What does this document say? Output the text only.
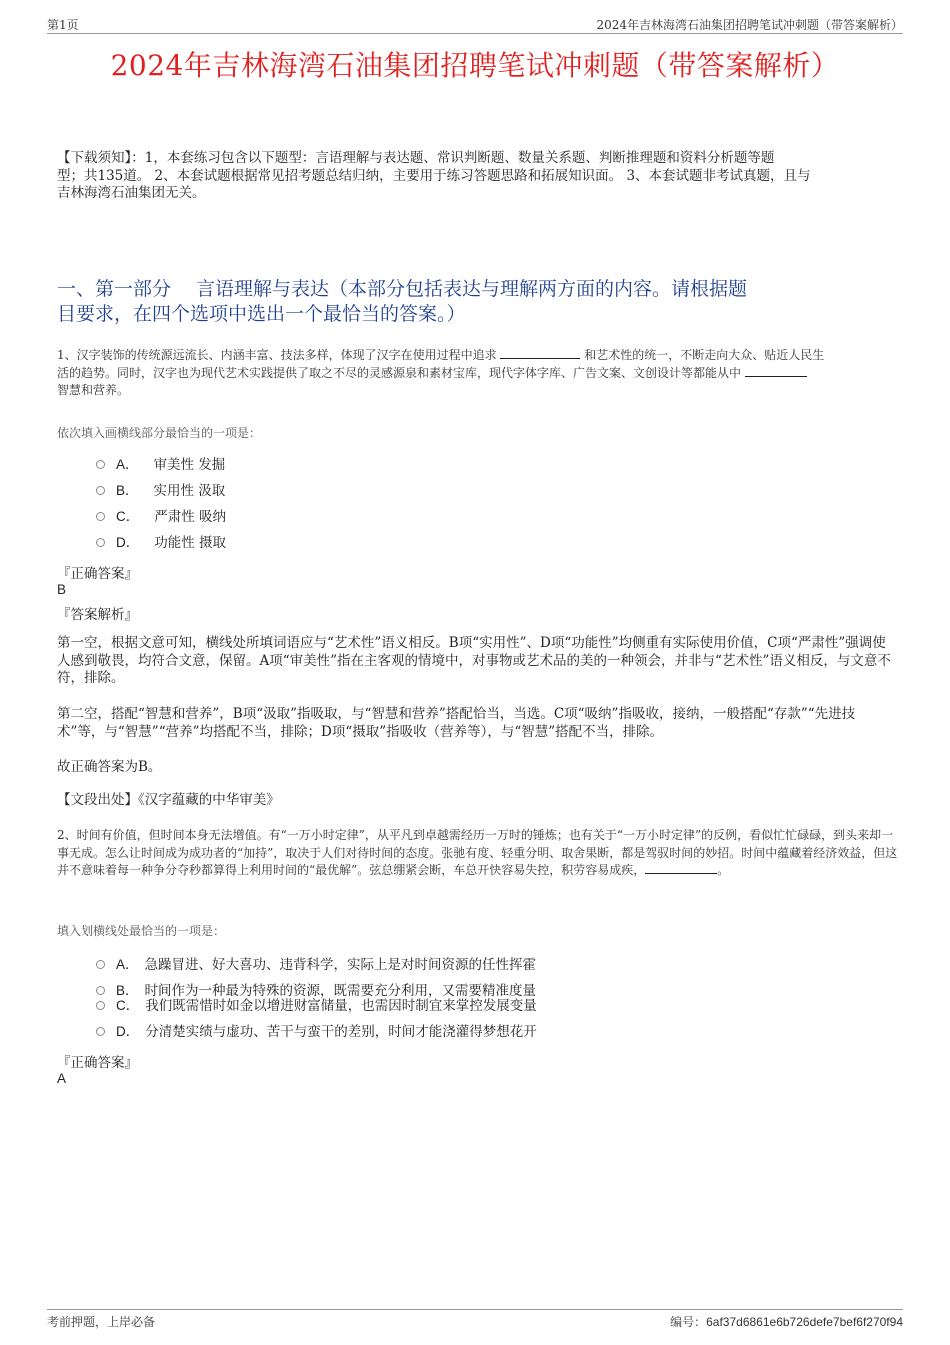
第1页	2024年吉林海湾石油集团招聘笔试冲刺题（带答案解析）
2024年吉林海湾石油集团招聘笔试冲刺题（带答案解析）
【下载须知】：1，本套练习包含以下题型：言语理解与表达题、常识判断题、数量关系题、判断推理题和资料分析题等题
型；共135道。 2、本套试题根据常见招考题总结归纳，主要用于练习答题思路和拓展知识面。 3、本套试题非考试真题，且与
吉林海湾石油集团无关。
一、第一部分　 言语理解与表达（本部分包括表达与理解两方面的内容。请根据题
目要求，在四个选项中选出一个最恰当的答案。）
1、汉字装饰的传统源远流长、内涵丰富、技法多样，体现了汉字在使用过程中追求	和艺术性的统一，不断走向大众、贴近人民生
活的趋势。同时，汉字也为现代艺术实践提供了取之不尽的灵感源泉和素材宝库，现代字体字库、广告文案、文创设计等都能从中
智慧和营养。
依次填入画横线部分最恰当的一项是：
A． 审美性 发掘
B． 实用性 汲取
C． 严肃性 吸纳
D． 功能性 摄取
『正确答案』
B
『答案解析』
第一空，根据文意可知，横线处所填词语应与“艺术性”语义相反。B项“实用性”、D项“功能性”均侧重有实际使用价值，C项“严肃性”强调使人感到敬畏，均符合文意，保留。A项“审美性”指在主客观的情境中，对事物或艺术品的美的一种领会，并非与“艺术性”语义相反，与文意不符，排除。
第二空，搭配“智慧和营养”，B项“汲取”指吸取，与“智慧和营养”搭配恰当，当选。C项“吸纳”指吸收，接纳，一般搭配“存款”“先进技术”等，与“智慧”“营养”均搭配不当，排除；D项“摄取”指吸收（营养等），与“智慧”搭配不当，排除。
故正确答案为B。
【文段出处】《汉字蕴藏的中华审美》
2、时间有价值，但时间本身无法增值。有“一万小时定律”，从平凡到卓越需经历一万时的锤炼；也有关于“一万小时定律”的反例，看似忙忙碌碌，到头来却一事无成。怎么让时间成为成功者的“加持”，取决于人们对待时间的态度。张驰有度、轻重分明、取舍果断，都是驾驭时间的妙招。时间中蕴藏着经济效益，但这并不意味着每一种争分夺秒都算得上利用时间的“最优解”。弦总绷紧会断，车总开快容易失控，积劳容易成疾，	。
填入划横线处最恰当的一项是：
A． 急躁冒进、好大喜功、违背科学，实际上是对时间资源的任性挥霍
B． 时间作为一种最为特殊的资源，既需要充分利用，又需要精准度量
C． 我们既需惜时如金以增进财富储量，也需因时制宜来掌控发展变量
D． 分清楚实绩与虚功、苦干与蛮干的差别，时间才能浇灌得梦想花开
『正确答案』
A
考前押题，上岸必备	编号：6af37d6861e6b726defe7bef6f270f94
